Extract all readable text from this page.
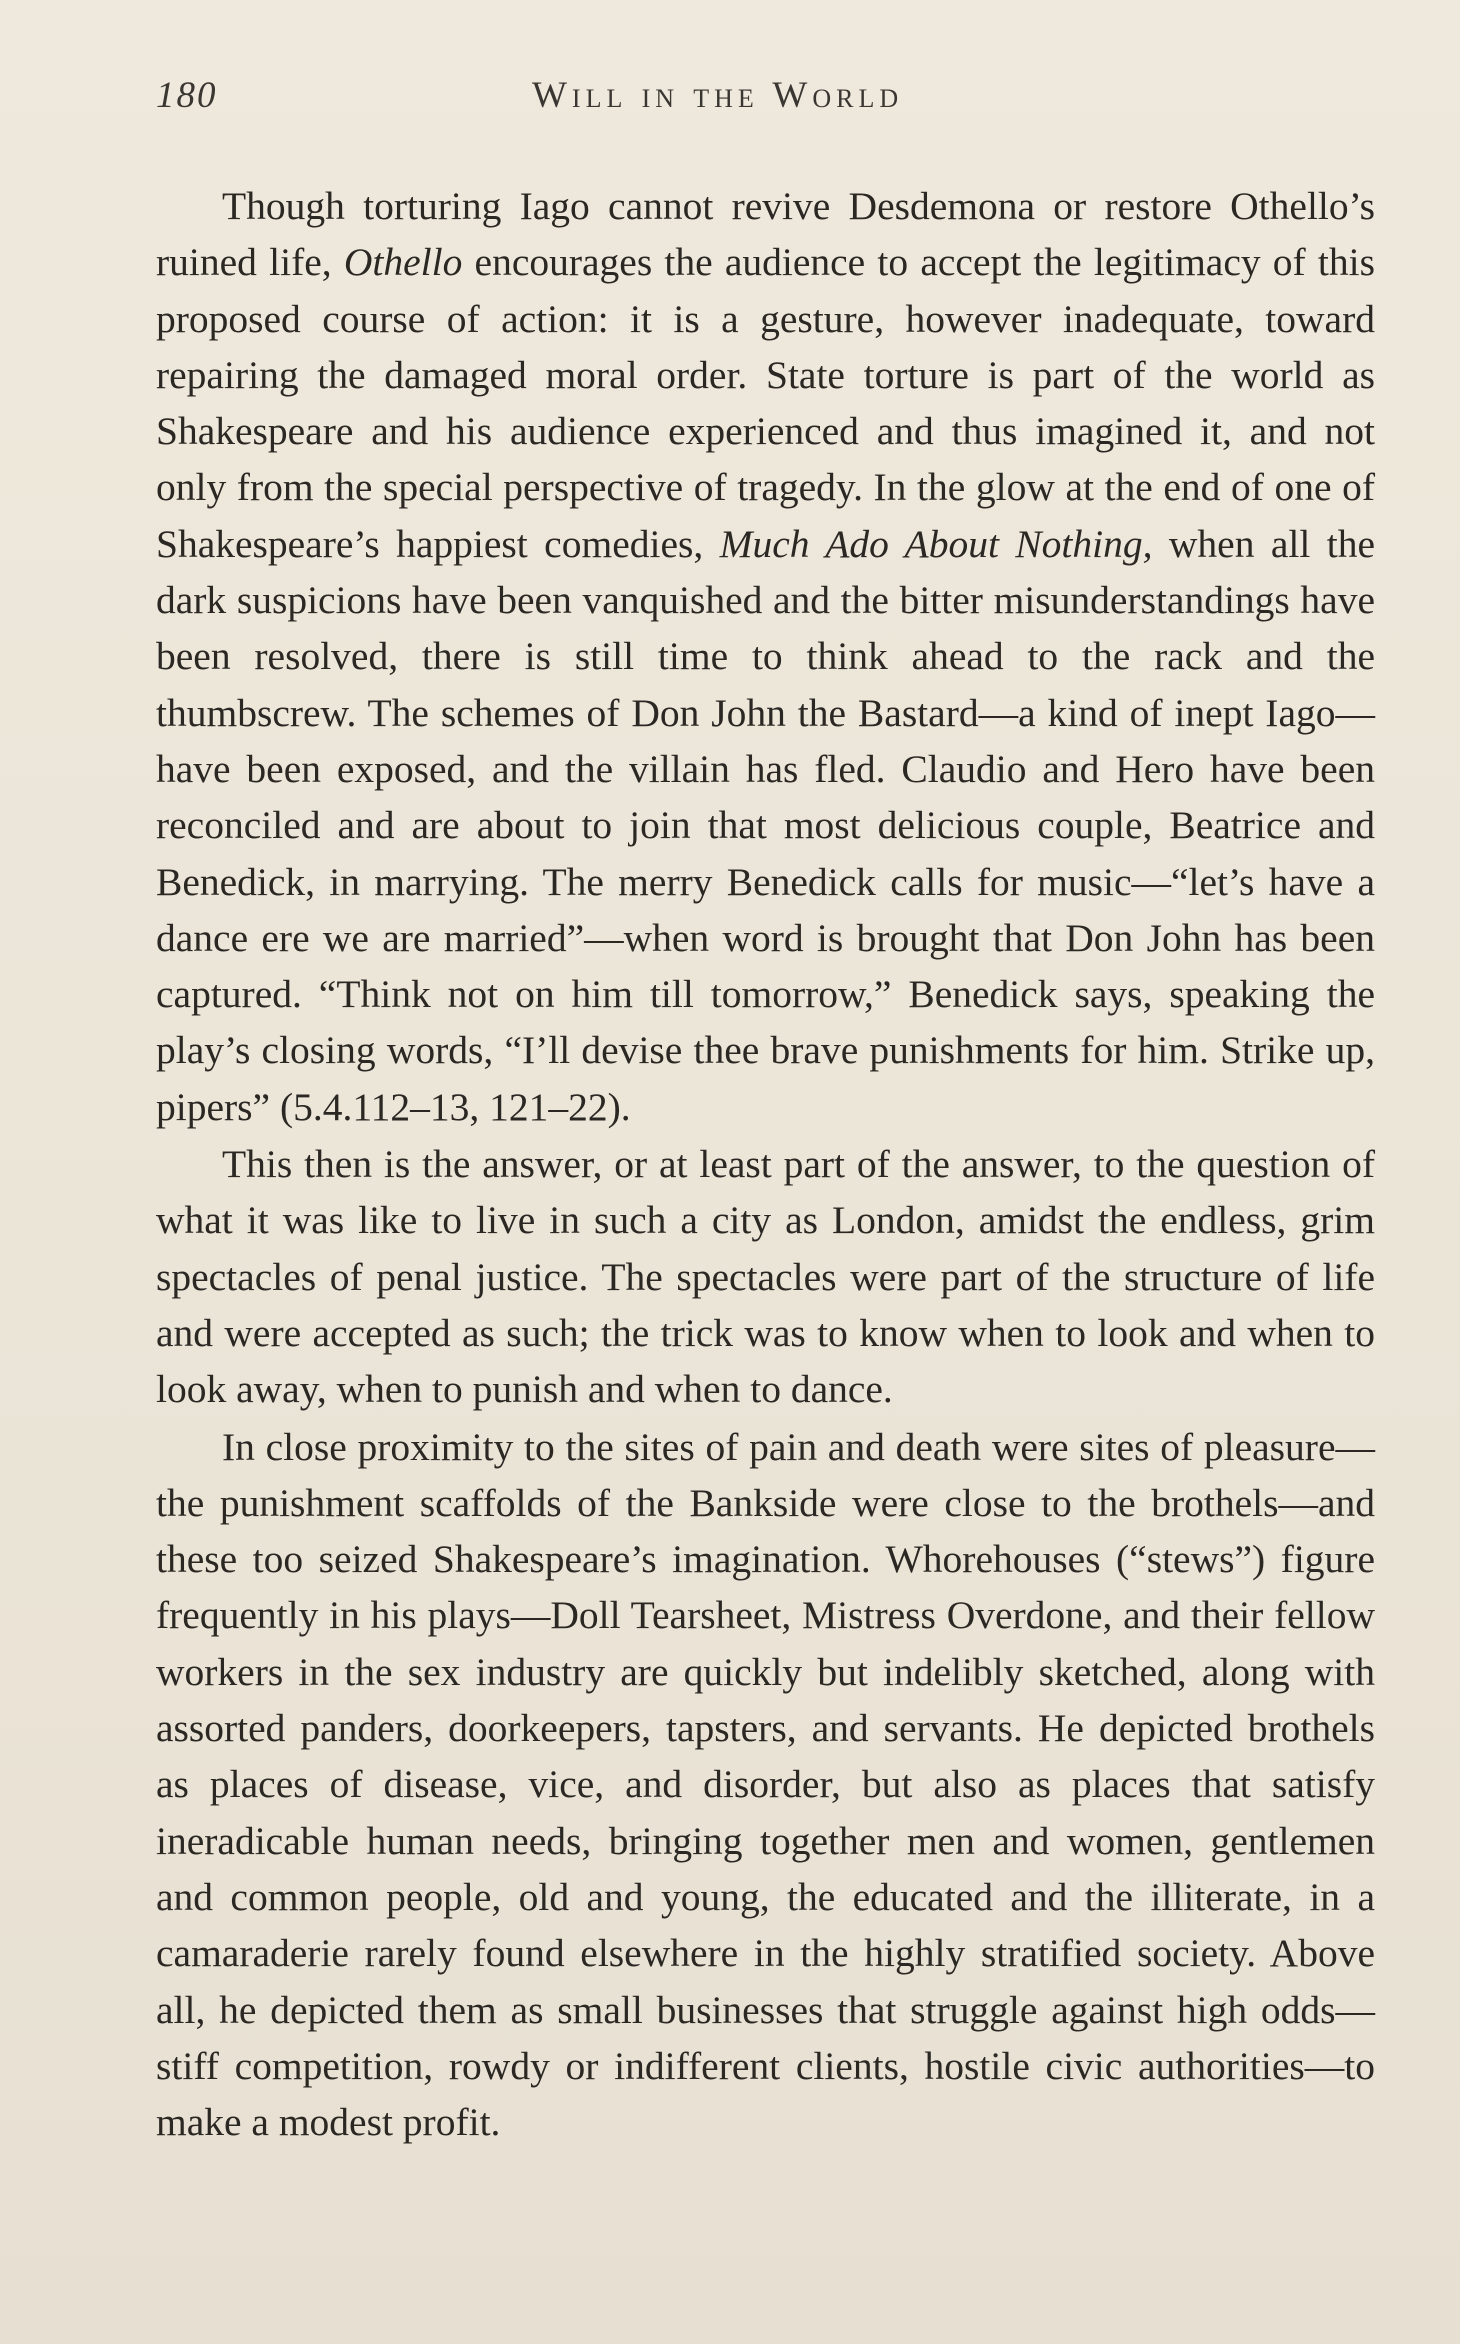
180	Will in the World

Though torturing Iago cannot revive Desdemona or restore Othello’s ruined life, Othello encourages the audience to accept the legitimacy of this proposed course of action: it is a gesture, however inadequate, toward repairing the damaged moral order. State torture is part of the world as Shakespeare and his audience experienced and thus imagined it, and not only from the special perspective of tragedy. In the glow at the end of one of Shakespeare’s happiest comedies, Much Ado About Nothing, when all the dark suspicions have been vanquished and the bitter misunderstandings have been resolved, there is still time to think ahead to the rack and the thumbscrew. The schemes of Don John the Bastard—a kind of inept Iago—have been exposed, and the villain has fled. Claudio and Hero have been reconciled and are about to join that most delicious couple, Beatrice and Benedick, in marrying. The merry Benedick calls for music—“let’s have a dance ere we are married”—when word is brought that Don John has been captured. “Think not on him till tomorrow,” Benedick says, speaking the play’s closing words, “I’ll devise thee brave punishments for him. Strike up, pipers” (5.4.112–13, 121–22).

This then is the answer, or at least part of the answer, to the question of what it was like to live in such a city as London, amidst the endless, grim spectacles of penal justice. The spectacles were part of the structure of life and were accepted as such; the trick was to know when to look and when to look away, when to punish and when to dance.

In close proximity to the sites of pain and death were sites of pleasure—the punishment scaffolds of the Bankside were close to the brothels—and these too seized Shakespeare’s imagination. Whorehouses (“stews”) figure frequently in his plays—Doll Tearsheet, Mistress Overdone, and their fellow workers in the sex industry are quickly but indelibly sketched, along with assorted panders, doorkeepers, tapsters, and servants. He depicted brothels as places of disease, vice, and disorder, but also as places that satisfy ineradicable human needs, bringing together men and women, gentlemen and common people, old and young, the educated and the illiterate, in a camaraderie rarely found elsewhere in the highly stratified society. Above all, he depicted them as small businesses that struggle against high odds—stiff competition, rowdy or indifferent clients, hostile civic authorities—to make a modest profit.
